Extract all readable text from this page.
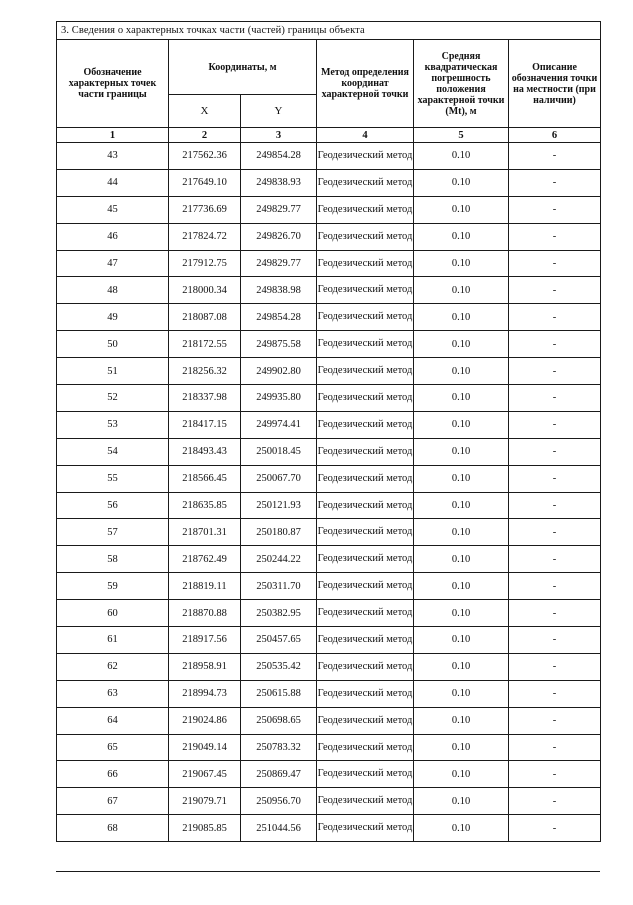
3. Сведения о характерных точках части (частей) границы объекта					
Обозначение характерных точек части границы	Координаты, м		Метод определения координат характерной точки	Средняя квадратическая погрешность положения характерной точки (Mt), м	Описание обозначения точки на местности (при наличии)
	X	Y			
1	2	3	4	5	6
43	217562.36	249854.28	Геодезический метод	0.10	-
44	217649.10	249838.93	Геодезический метод	0.10	-
45	217736.69	249829.77	Геодезический метод	0.10	-
46	217824.72	249826.70	Геодезический метод	0.10	-
47	217912.75	249829.77	Геодезический метод	0.10	-
48	218000.34	249838.98	Геодезический метод	0.10	-
49	218087.08	249854.28	Геодезический метод	0.10	-
50	218172.55	249875.58	Геодезический метод	0.10	-
51	218256.32	249902.80	Геодезический метод	0.10	-
52	218337.98	249935.80	Геодезический метод	0.10	-
53	218417.15	249974.41	Геодезический метод	0.10	-
54	218493.43	250018.45	Геодезический метод	0.10	-
55	218566.45	250067.70	Геодезический метод	0.10	-
56	218635.85	250121.93	Геодезический метод	0.10	-
57	218701.31	250180.87	Геодезический метод	0.10	-
58	218762.49	250244.22	Геодезический метод	0.10	-
59	218819.11	250311.70	Геодезический метод	0.10	-
60	218870.88	250382.95	Геодезический метод	0.10	-
61	218917.56	250457.65	Геодезический метод	0.10	-
62	218958.91	250535.42	Геодезический метод	0.10	-
63	218994.73	250615.88	Геодезический метод	0.10	-
64	219024.86	250698.65	Геодезический метод	0.10	-
65	219049.14	250783.32	Геодезический метод	0.10	-
66	219067.45	250869.47	Геодезический метод	0.10	-
67	219079.71	250956.70	Геодезический метод	0.10	-
68	219085.85	251044.56	Геодезический метод	0.10	-
